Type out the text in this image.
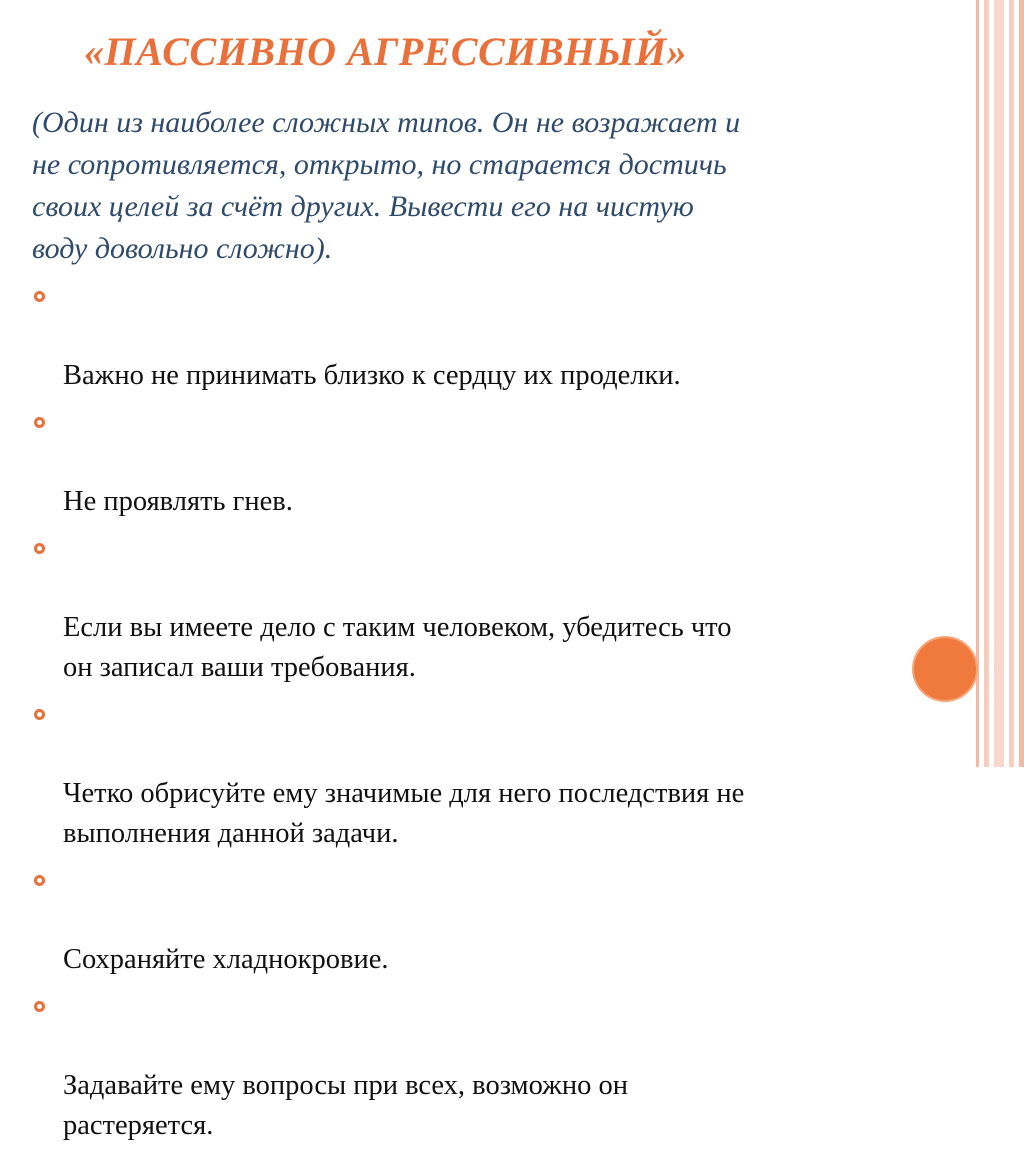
«ПАССИВНО АГРЕССИВНЫЙ»

(Один из наиболее сложных типов. Он не возражает и
не сопротивляется, открыто, но старается достичь
своих целей за счёт других. Вывести его на чистую
воду довольно сложно).

Важно не принимать близко к сердцу их проделки.

Не проявлять гнев.

Если вы имеете дело с таким человеком, убедитесь что
он записал ваши требования.

Четко обрисуйте ему значимые для него последствия не
выполнения данной задачи.

Сохраняйте хладнокровие.

Задавайте ему вопросы при всех, возможно он
растеряется.
